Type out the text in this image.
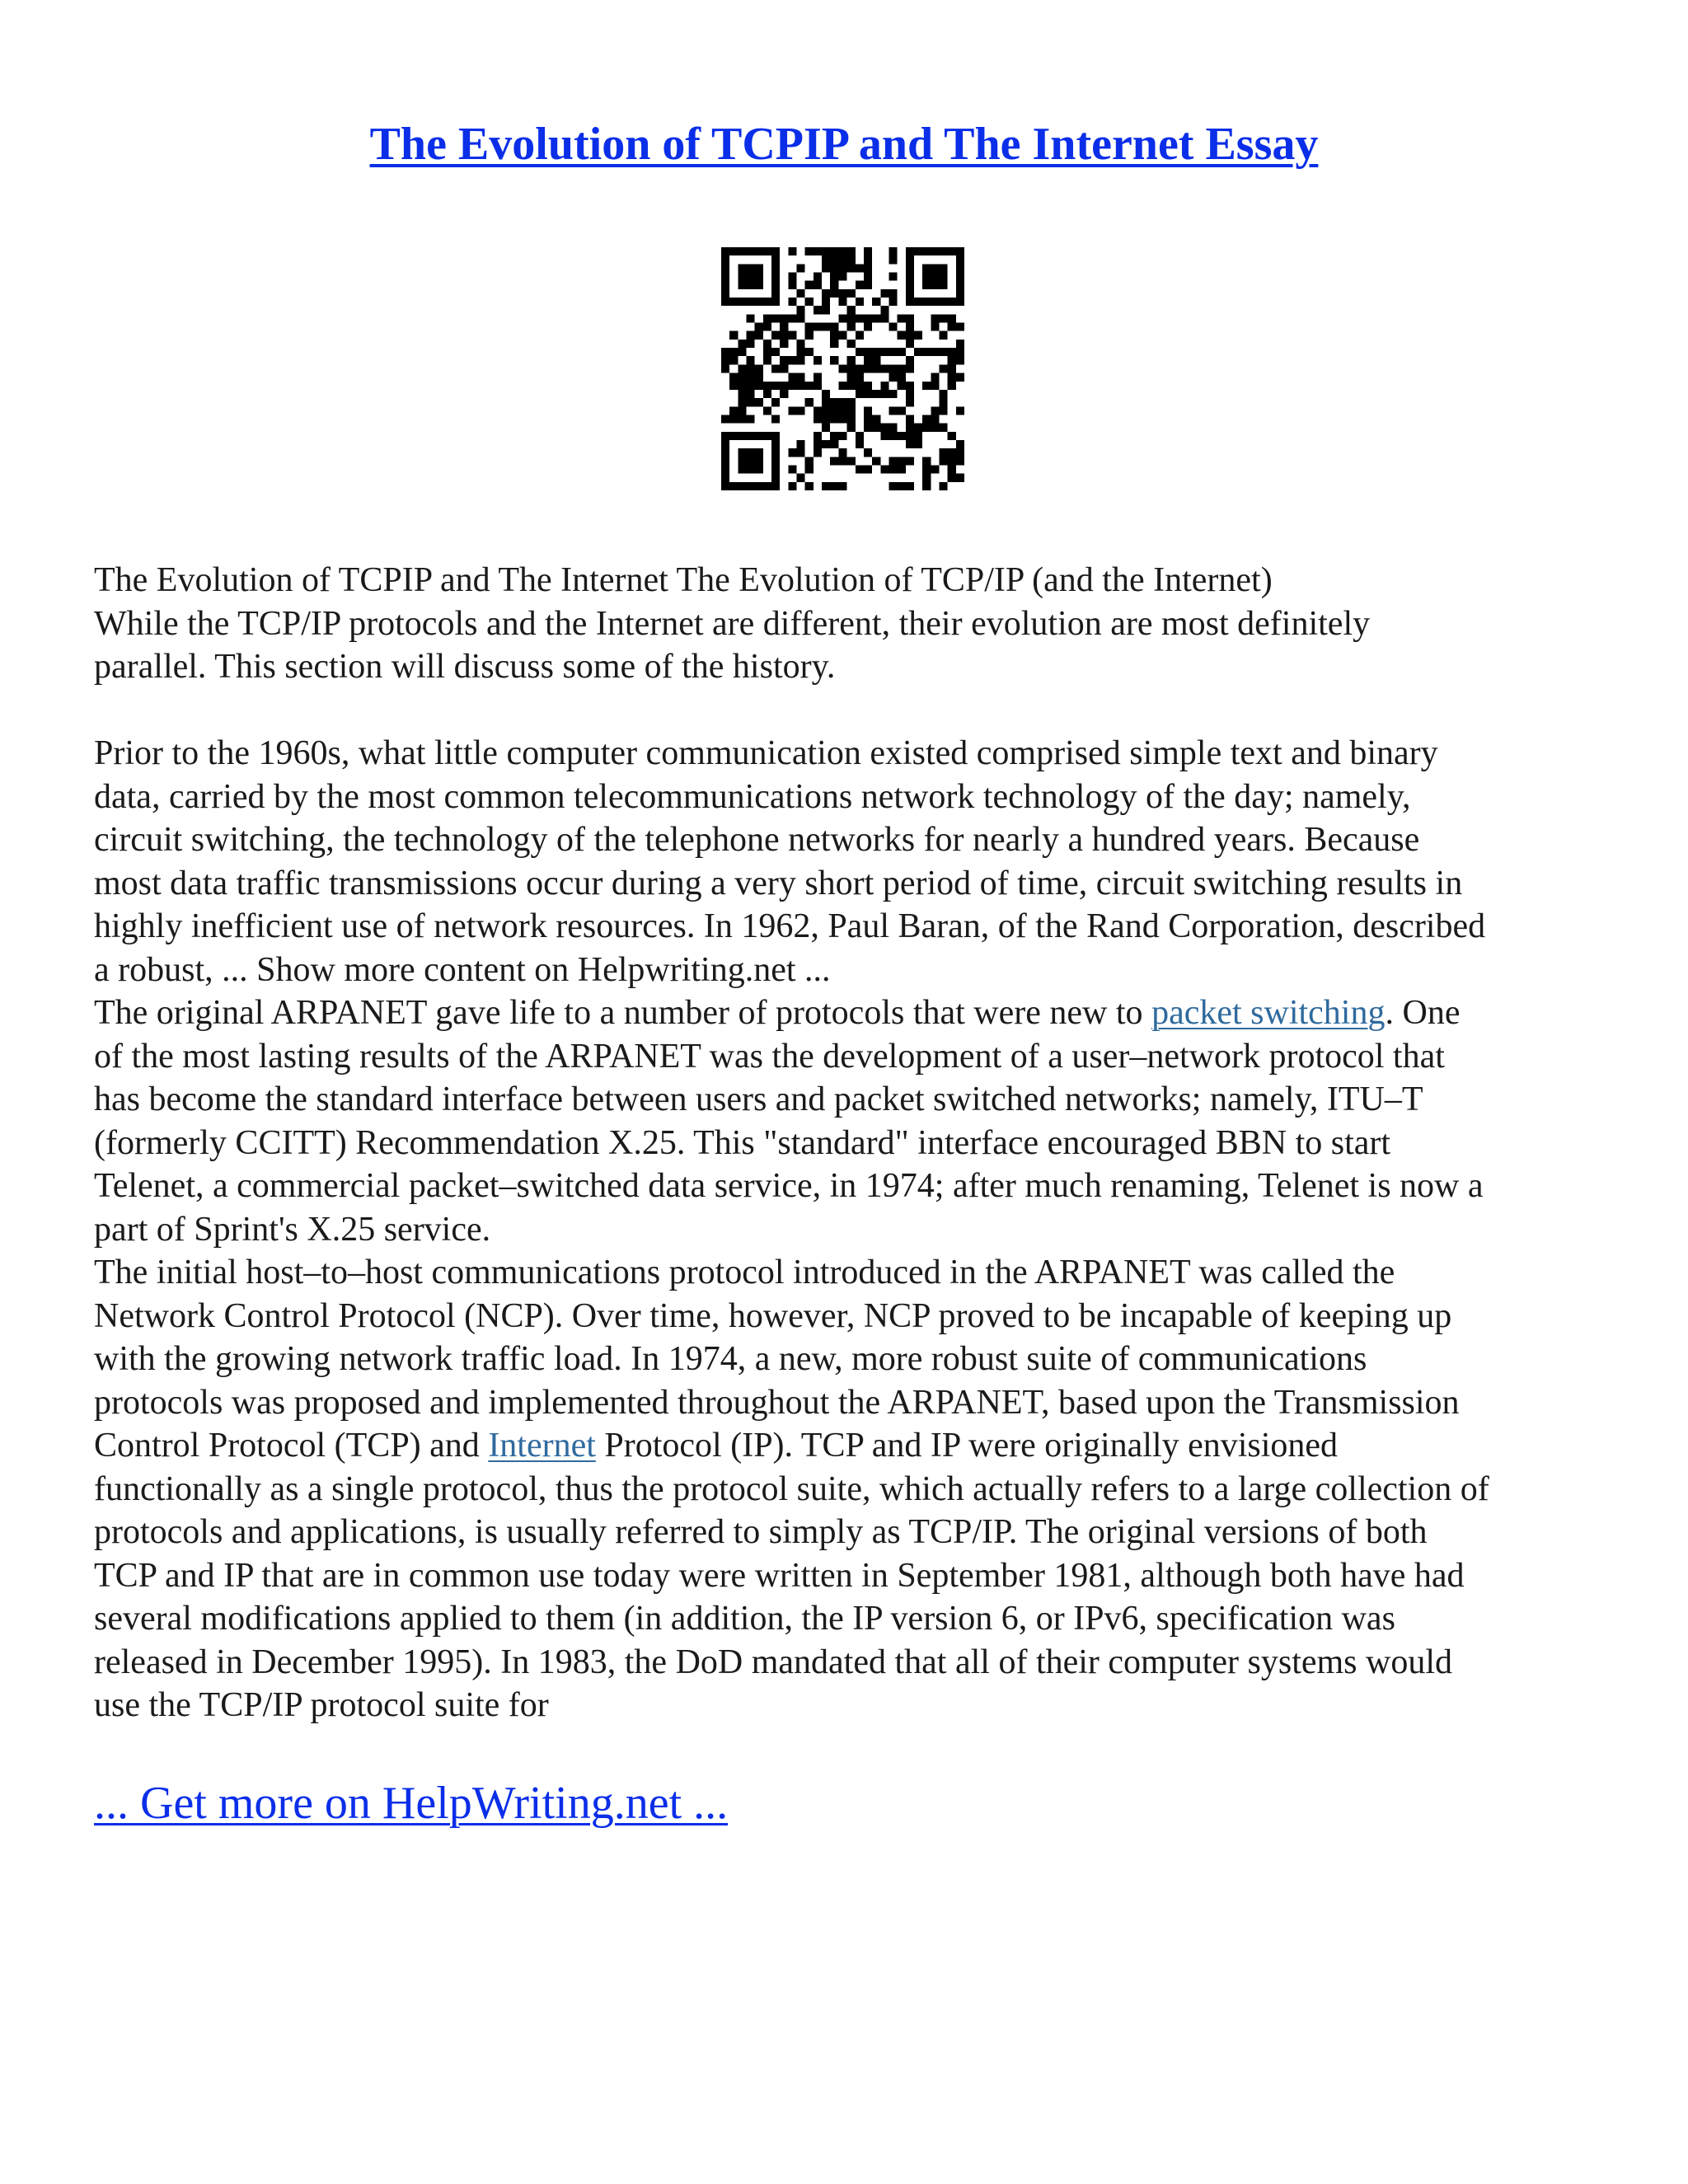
The Evolution of TCPIP and The Internet Essay
The Evolution of TCPIP and The Internet The Evolution of TCP/IP (and the Internet)
While the TCP/IP protocols and the Internet are different, their evolution are most definitely
parallel. This section will discuss some of the history.
Prior to the 1960s, what little computer communication existed comprised simple text and binary
data, carried by the most common telecommunications network technology of the day; namely,
circuit switching, the technology of the telephone networks for nearly a hundred years. Because
most data traffic transmissions occur during a very short period of time, circuit switching results in
highly inefficient use of network resources. In 1962, Paul Baran, of the Rand Corporation, described
a robust, ... Show more content on Helpwriting.net ...
The original ARPANET gave life to a number of protocols that were new to packet switching. One
of the most lasting results of the ARPANET was the development of a user–network protocol that
has become the standard interface between users and packet switched networks; namely, ITU–T
(formerly CCITT) Recommendation X.25. This "standard" interface encouraged BBN to start
Telenet, a commercial packet–switched data service, in 1974; after much renaming, Telenet is now a
part of Sprint's X.25 service.
The initial host–to–host communications protocol introduced in the ARPANET was called the
Network Control Protocol (NCP). Over time, however, NCP proved to be incapable of keeping up
with the growing network traffic load. In 1974, a new, more robust suite of communications
protocols was proposed and implemented throughout the ARPANET, based upon the Transmission
Control Protocol (TCP) and Internet Protocol (IP). TCP and IP were originally envisioned
functionally as a single protocol, thus the protocol suite, which actually refers to a large collection of
protocols and applications, is usually referred to simply as TCP/IP. The original versions of both
TCP and IP that are in common use today were written in September 1981, although both have had
several modifications applied to them (in addition, the IP version 6, or IPv6, specification was
released in December 1995). In 1983, the DoD mandated that all of their computer systems would
use the TCP/IP protocol suite for
... Get more on HelpWriting.net ...
